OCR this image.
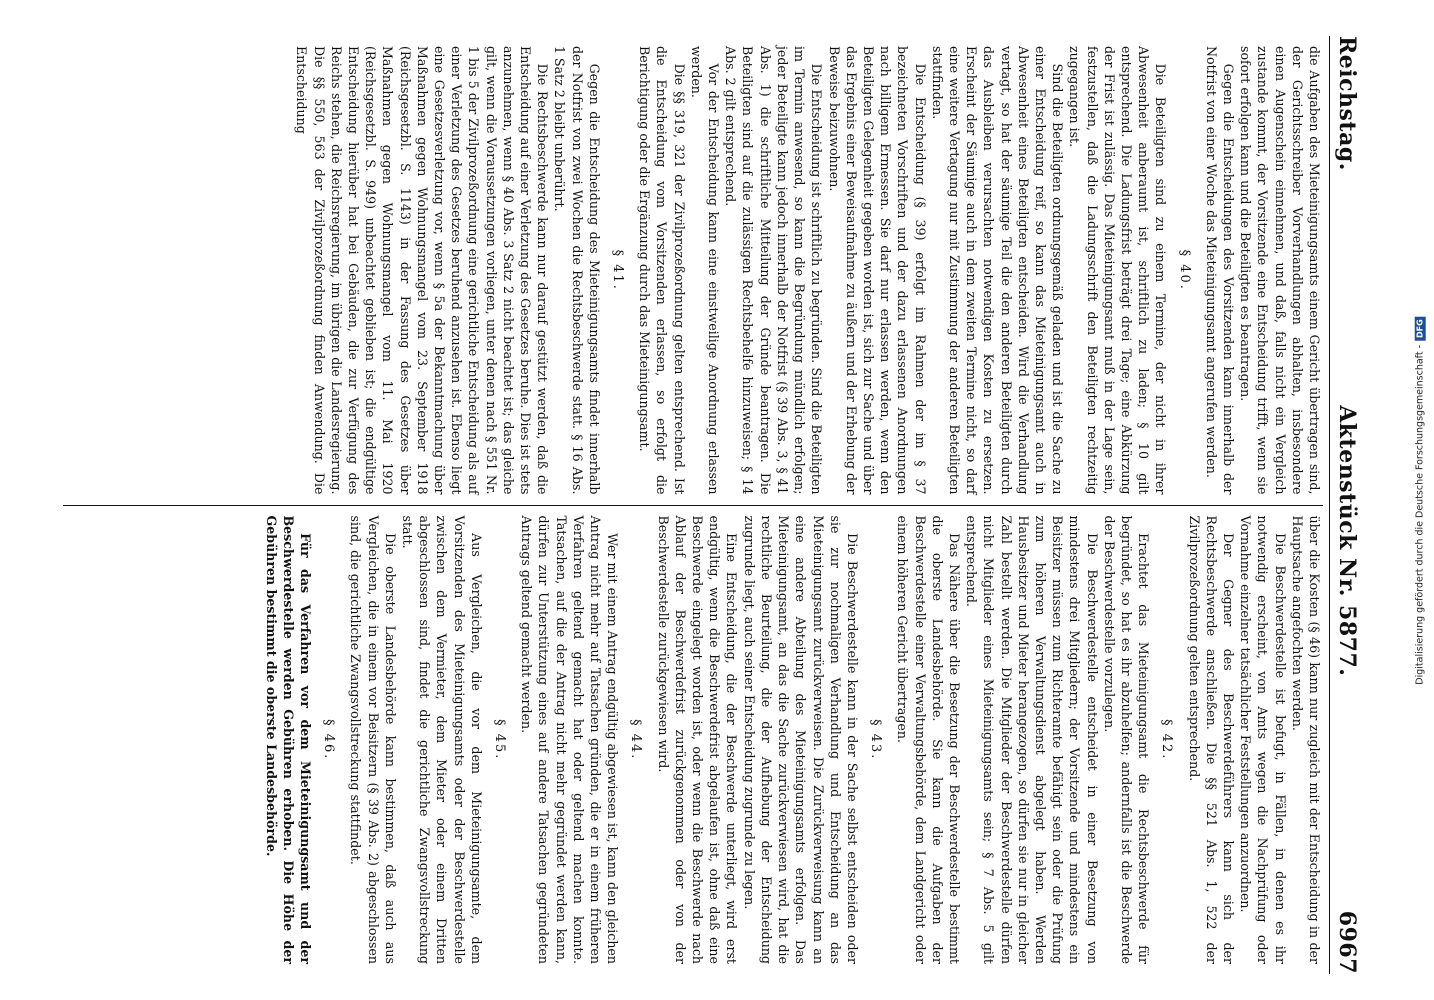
Reichstag.
Aktenstück Nr. 5877.
6967

die Aufgaben des Mieteinigungsamts einem Gericht übertragen sind, der Gerichtsschreiber Vorverhandlungen abhalten, insbesondere einen Augenschein einnehmen, und daß, falls nicht ein Vergleich zustande kommt, der Vorsitzende eine Entscheidung trifft, wenn sie sofort erfolgen kann und die Beteiligten es beantragen.

Gegen die Entscheidungen des Vorsitzenden kann innerhalb der Notfrist von einer Woche das Mieteinigungsamt angerufen werden.

§ 40.

Die Beteiligten sind zu einem Termine, der nicht in ihrer Abwesenheit anberaumt ist, schriftlich zu laden; § 10 gilt entsprechend. Die Ladungsfrist beträgt drei Tage; eine Abkürzung der Frist ist zulässig. Das Mieteinigungsamt muß in der Lage sein, festzustellen, daß die Ladungsschrift den Beteiligten rechtzeitig zugegangen ist.

Sind die Beteiligten ordnungsgemäß geladen und ist die Sache zu einer Entscheidung reif, so kann das Mieteinigungsamt auch in Abwesenheit eines Beteiligten entscheiden. Wird die Verhandlung vertagt, so hat der säumige Teil die den anderen Beteiligten durch das Ausbleiben verursachten notwendigen Kosten zu ersetzen. Erscheint der Säumige auch in dem zweiten Termine nicht, so darf eine weitere Vertagung nur mit Zustimmung der anderen Beteiligten stattfinden.

Die Entscheidung (§ 39) erfolgt im Rahmen der im § 37 bezeichneten Vorschriften und der dazu erlassenen Anordnungen nach billigem Ermessen. Sie darf nur erlassen werden, wenn den Beteiligten Gelegenheit gegeben worden ist, sich zur Sache und über das Ergebnis einer Beweisaufnahme zu äußern und der Erhebung der Beweise beizuwohnen.

Die Entscheidung ist schriftlich zu begründen. Sind die Beteiligten im Termin anwesend, so kann die Begründung mündlich erfolgen; jeder Beteiligte kann jedoch innerhalb der Notfrist (§ 39 Abs. 3, § 41 Abs. 1) die schriftliche Mitteilung der Gründe beantragen. Die Beteiligten sind auf die zulässigen Rechtsbehelfe hinzuweisen; § 14 Abs. 2 gilt entsprechend.

Vor der Entscheidung kann eine einstweilige Anordnung erlassen werden.

Die §§ 319, 321 der Zivilprozeßordnung gelten entsprechend. Ist die Entscheidung vom Vorsitzenden erlassen, so erfolgt die Berichtigung oder die Ergänzung durch das Mieteinigungsamt.

§ 41.

Gegen die Entscheidung des Mieteinigungsamts findet innerhalb der Notfrist von zwei Wochen die Rechtsbeschwerde statt. § 16 Abs. 1 Satz 2 bleibt unberührt.

Die Rechtsbeschwerde kann nur darauf gestützt werden, daß die Entscheidung auf einer Verletzung des Gesetzes beruhe. Dies ist stets anzunehmen, wenn § 40 Abs. 3 Satz 2 nicht beachtet ist; das gleiche gilt, wenn die Voraussetzungen vorliegen, unter denen nach § 551 Nr. 1 bis 5 der Zivilprozeßordnung eine gerichtliche Entscheidung als auf einer Verletzung des Gesetzes beruhend anzusehen ist. Ebenso liegt eine Gesetzesverletzung vor, wenn § 5a der Bekanntmachung über Maßnahmen gegen Wohnungsmangel vom 23. September 1918 (Reichsgesetzbl. S. 1143) in der Fassung des Gesetzes über Maßnahmen gegen Wohnungsmangel vom 11. Mai 1920 (Reichsgesetzbl. S. 949) unbeachtet geblieben ist; die endgültige Entscheidung hierüber hat bei Gebäuden, die zur Verfügung des Reichs stehen, die Reichsregierung, im übrigen die Landesregierung. Die §§ 550, 563 der Zivilprozeßordnung finden Anwendung. Die Entscheidung

über die Kosten (§ 46) kann nur zugleich mit der Entscheidung in der Hauptsache angefochten werden.

Die Beschwerdestelle ist befugt, in Fällen, in denen es ihr notwendig erscheint, von Amts wegen die Nachprüfung oder Vornahme einzelner tatsächlicher Feststellungen anzuordnen.

Der Gegner des Beschwerdeführers kann sich der Rechtsbeschwerde anschließen. Die §§ 521 Abs. 1, 522 der Zivilprozeßordnung gelten entsprechend.

§ 42.

Erachtet das Mieteinigungsamt die Rechtsbeschwerde für begründet, so hat es ihr abzuhelfen; andernfalls ist die Beschwerde der Beschwerdestelle vorzulegen.

Die Beschwerdestelle entscheidet in einer Besetzung von mindestens drei Mitgliedern; der Vorsitzende und mindestens ein Beisitzer müssen zum Richteramte befähigt sein oder die Prüfung zum höheren Verwaltungsdienst abgelegt haben. Werden Hausbesitzer und Mieter herangezogen, so dürfen sie nur in gleicher Zahl bestellt werden. Die Mitglieder der Beschwerdestelle dürfen nicht Mitglieder eines Mieteinigungsamts sein; § 7 Abs. 5 gilt entsprechend.

Das Nähere über die Besetzung der Beschwerdestelle bestimmt die oberste Landesbehörde. Sie kann die Aufgaben der Beschwerdestelle einer Verwaltungsbehörde, dem Landgericht oder einem höheren Gericht übertragen.

§ 43.

Die Beschwerdestelle kann in der Sache selbst entscheiden oder sie zur nochmaligen Verhandlung und Entscheidung an das Mieteinigungsamt zurückverweisen. Die Zurückverweisung kann an eine andere Abteilung des Mieteinigungsamts erfolgen. Das Mieteinigungsamt, an das die Sache zurückverwiesen wird, hat die rechtliche Beurteilung, die der Aufhebung der Entscheidung zugrunde liegt, auch seiner Entscheidung zugrunde zu legen.

Eine Entscheidung, die der Beschwerde unterliegt, wird erst endgültig, wenn die Beschwerdefrist abgelaufen ist, ohne daß eine Beschwerde eingelegt worden ist, oder wenn die Beschwerde nach Ablauf der Beschwerdefrist zurückgenommen oder von der Beschwerdestelle zurückgewiesen wird.

§ 44.

Wer mit einem Antrag endgültig abgewiesen ist, kann den gleichen Antrag nicht mehr auf Tatsachen gründen, die er in einem früheren Verfahren geltend gemacht hat oder geltend machen konnte. Tatsachen, auf die der Antrag nicht mehr gegründet werden kann, dürfen zur Unterstützung eines auf andere Tatsachen gegründeten Antrags geltend gemacht werden.

§ 45.

Aus Vergleichen, die vor dem Mieteinigungsamte, dem Vorsitzenden des Mieteinigungsamts oder der Beschwerdestelle zwischen dem Vermieter, dem Mieter oder einem Dritten abgeschlossen sind, findet die gerichtliche Zwangsvollstreckung statt.

Die oberste Landesbehörde kann bestimmen, daß auch aus Vergleichen, die in einem vor Beisitzern (§ 39 Abs. 2) abgeschlossen sind, die gerichtliche Zwangsvollstreckung stattfindet.

§ 46.

Für das Verfahren vor dem Mieteinigungsamt und der Beschwerdestelle werden Gebühren erhoben. Die Höhe der Gebühren bestimmt die oberste Landesbehörde.

Digitalisierung gefördert durch die Deutsche Forschungsgemeinschaft -
DFG
